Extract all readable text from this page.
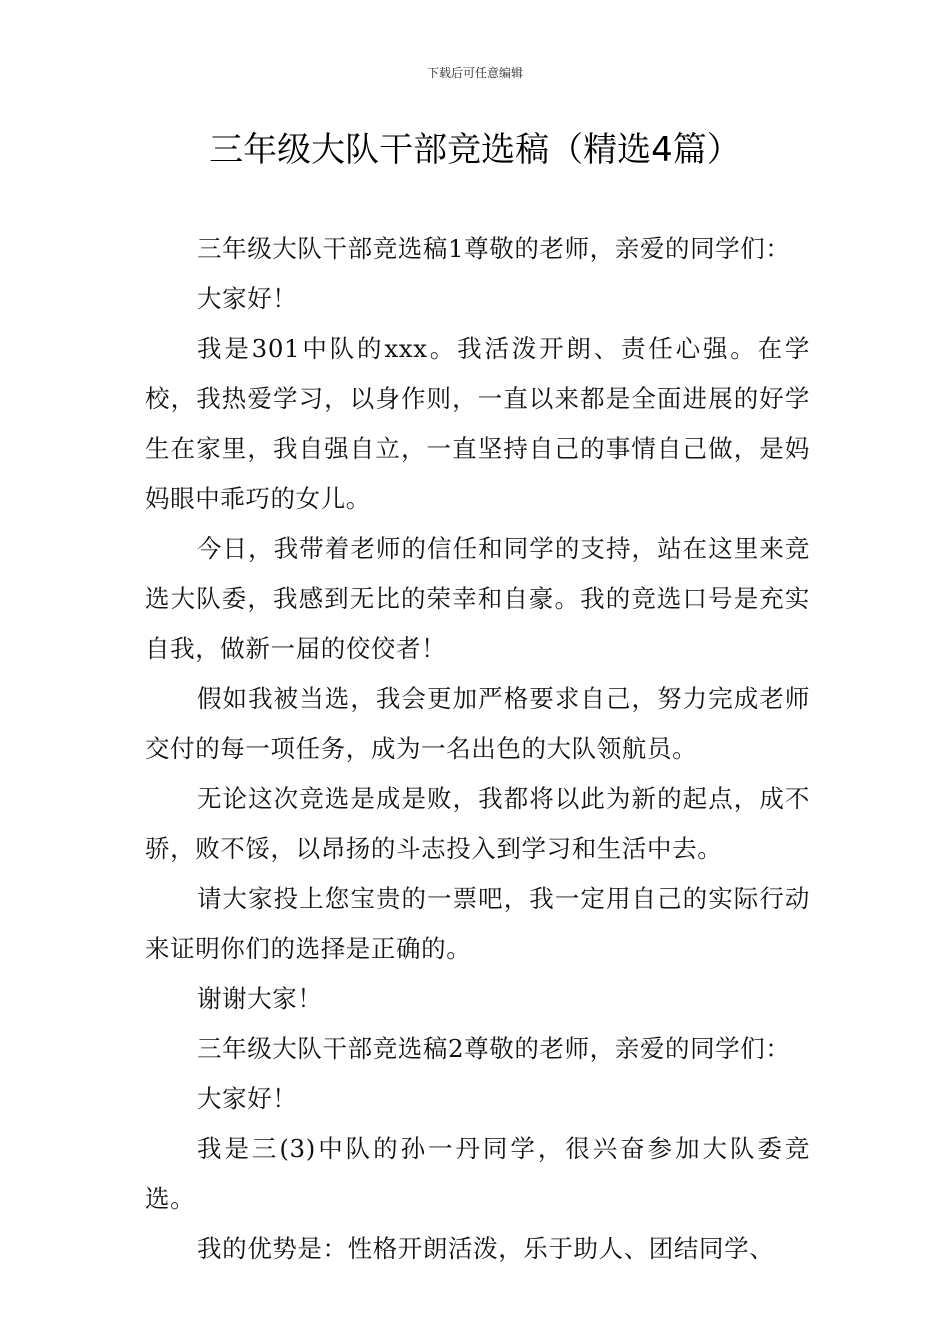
下载后可任意编辑
三年级大队干部竞选稿（精选4篇）

三年级大队干部竞选稿1尊敬的老师，亲爱的同学们：

大家好！

我是301中队的xxx。我活泼开朗、责任心强。在学校，我热爱学习，以身作则，一直以来都是全面进展的好学生在家里，我自强自立，一直坚持自己的事情自己做，是妈妈眼中乖巧的女儿。

今日，我带着老师的信任和同学的支持，站在这里来竞选大队委，我感到无比的荣幸和自豪。我的竞选口号是充实自我，做新一届的佼佼者！

假如我被当选，我会更加严格要求自己，努力完成老师交付的每一项任务，成为一名出色的大队领航员。

无论这次竞选是成是败，我都将以此为新的起点，成不骄，败不馁，以昂扬的斗志投入到学习和生活中去。

请大家投上您宝贵的一票吧，我一定用自己的实际行动来证明你们的选择是正确的。

谢谢大家！

三年级大队干部竞选稿2尊敬的老师，亲爱的同学们：

大家好！

我是三(3)中队的孙一丹同学，很兴奋参加大队委竞选。

我的优势是：性格开朗活泼，乐于助人、团结同学、
